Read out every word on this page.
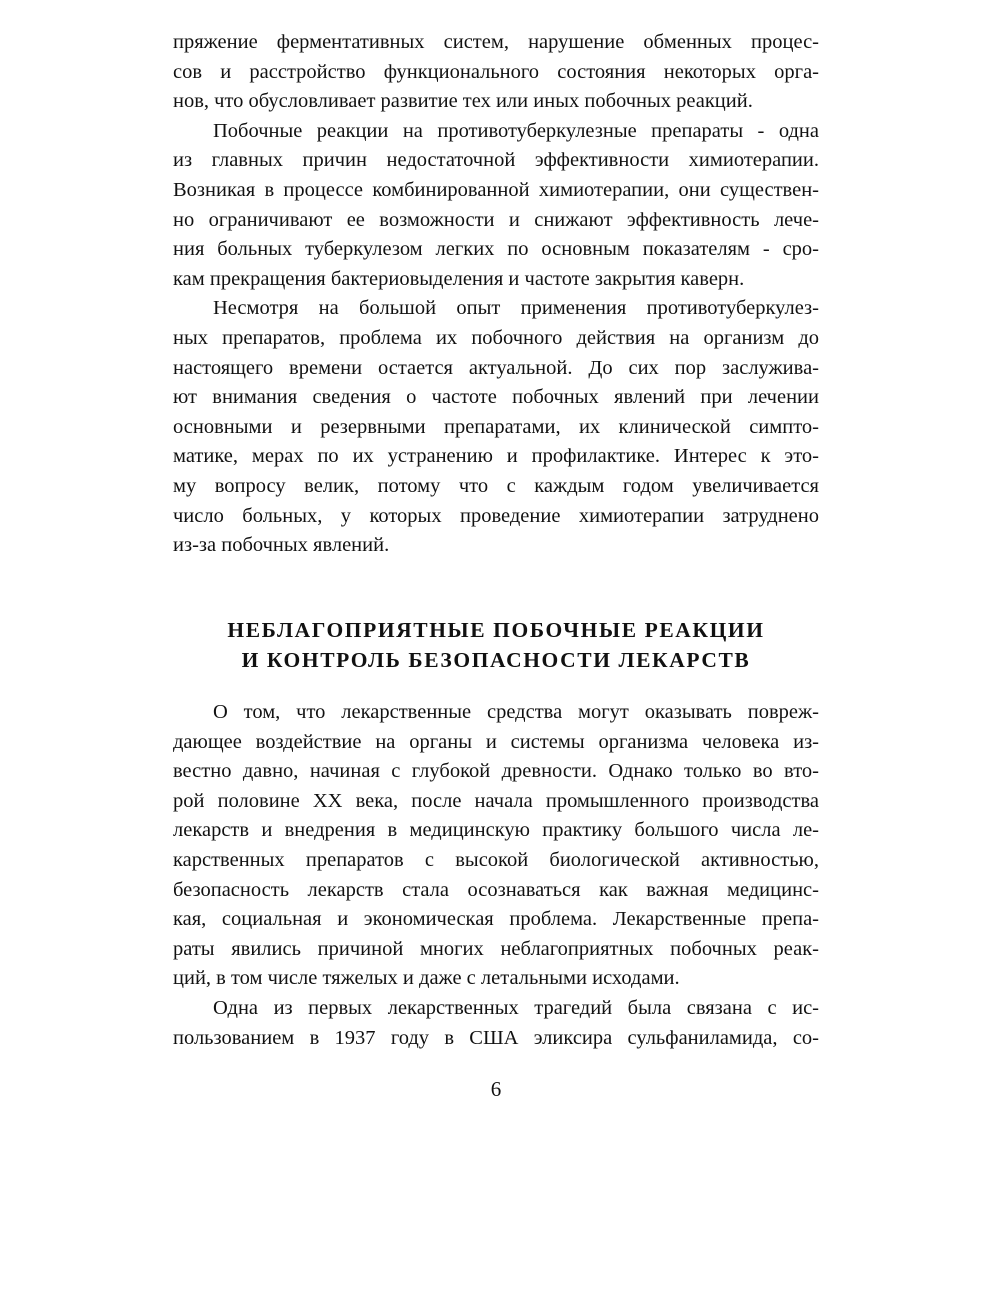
пряжение ферментативных систем, нарушение обменных процес-
сов и расстройство функционального состояния некоторых орга-
нов, что обусловливает развитие тех или иных побочных реакций.
Побочные реакции на противотуберкулезные препараты - одна
из главных причин недостаточной эффективности химиотерапии.
Возникая в процессе комбинированной химиотерапии, они существен-
но ограничивают ее возможности и снижают эффективность лече-
ния больных туберкулезом легких по основным показателям - сро-
кам прекращения бактериовыделения и частоте закрытия каверн.
Несмотря на большой опыт применения противотуберкулез-
ных препаратов, проблема их побочного действия на организм до
настоящего времени остается актуальной. До сих пор заслужива-
ют внимания сведения о частоте побочных явлений при лечении
основными и резервными препаратами, их клинической симпто-
матике, мерах по их устранению и профилактике. Интерес к это-
му вопросу велик, потому что с каждым годом увеличивается
число больных, у которых проведение химиотерапии затруднено
из-за побочных явлений.
НЕБЛАГОПРИЯТНЫЕ ПОБОЧНЫЕ РЕАКЦИИ
И КОНТРОЛЬ БЕЗОПАСНОСТИ ЛЕКАРСТВ
О том, что лекарственные средства могут оказывать повреж-
дающее воздействие на органы и системы организма человека из-
вестно давно, начиная с глубокой древности. Однако только во вто-
рой половине XX века, после начала промышленного производства
лекарств и внедрения в медицинскую практику большого числа ле-
карственных препаратов с высокой биологической активностью,
безопасность лекарств стала осознаваться как важная медицинс-
кая, социальная и экономическая проблема. Лекарственные препа-
раты явились причиной многих неблагоприятных побочных реак-
ций, в том числе тяжелых и даже с летальными исходами.
Одна из первых лекарственных трагедий была связана с ис-
пользованием в 1937 году в США эликсира сульфаниламида, со-
6
